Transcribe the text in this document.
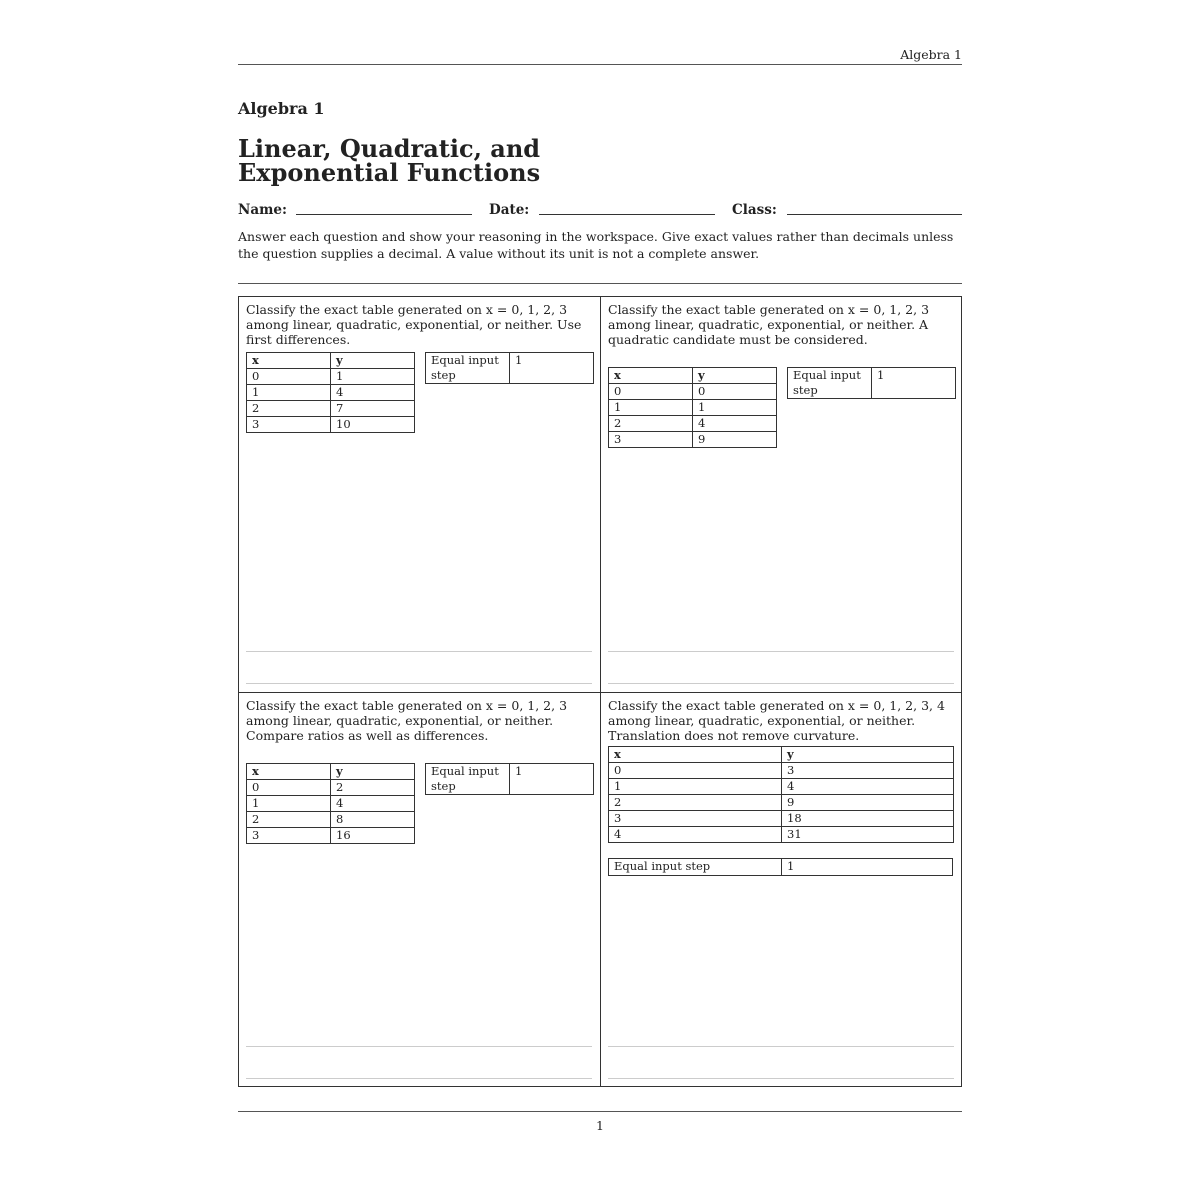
Algebra 1
Algebra 1
Linear, Quadratic, and Exponential Functions
Name:	Date:	Class:
Answer each question and show your reasoning in the workspace. Give exact values rather than decimals unless the question supplies a decimal. A value without its unit is not a complete answer.
Classify the exact table generated on x = 0, 1, 2, 3 among linear, quadratic, exponential, or neither. Use first differences.
x	y
0	1
1	4
2	7
3	10
Equal input step	1
Classify the exact table generated on x = 0, 1, 2, 3 among linear, quadratic, exponential, or neither. A quadratic candidate must be considered.
x	y
0	0
1	1
2	4
3	9
Equal input step	1
Classify the exact table generated on x = 0, 1, 2, 3 among linear, quadratic, exponential, or neither. Compare ratios as well as differences.
x	y
0	2
1	4
2	8
3	16
Equal input step	1
Classify the exact table generated on x = 0, 1, 2, 3, 4 among linear, quadratic, exponential, or neither. Translation does not remove curvature.
x	y
0	3
1	4
2	9
3	18
4	31
Equal input step	1
1
